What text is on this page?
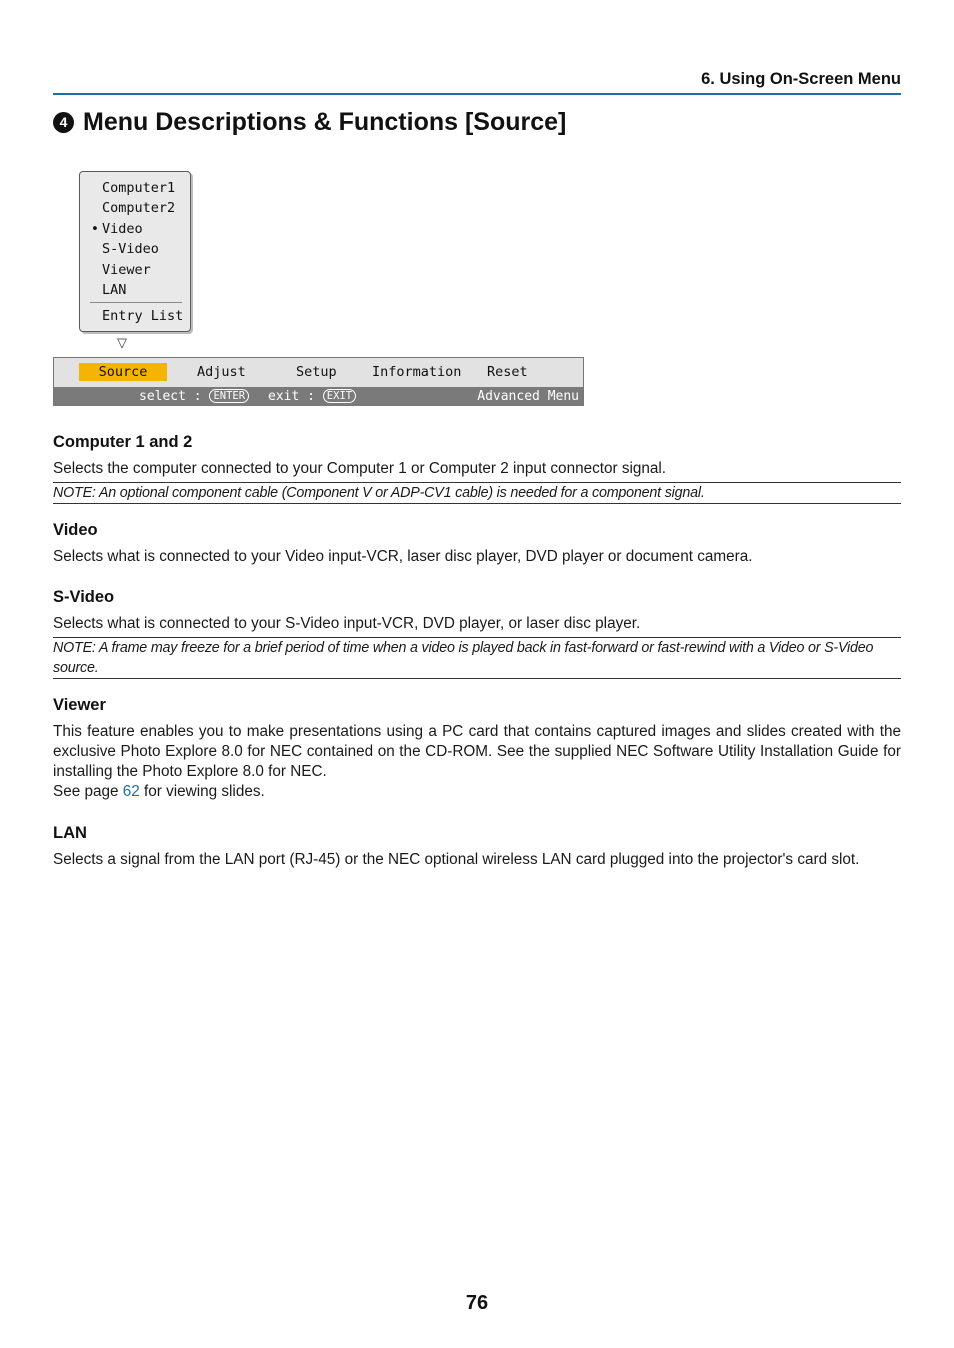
6. Using On-Screen Menu
4 Menu Descriptions & Functions [Source]
Computer1
Computer2
• Video
S-Video
Viewer
LAN
Entry List
▽
Source	Adjust	Setup	Information Reset
select : ENTER	exit : EXIT	Advanced Menu
Computer 1 and 2
Selects the computer connected to your Computer 1 or Computer 2 input connector signal.
NOTE: An optional component cable (Component V or ADP-CV1 cable) is needed for a component signal.
Video
Selects what is connected to your Video input-VCR, laser disc player, DVD player or document camera.
S-Video
Selects what is connected to your S-Video input-VCR, DVD player, or laser disc player.
NOTE: A frame may freeze for a brief period of time when a video is played back in fast-forward or fast-rewind with a Video or S-Video source.
Viewer
This feature enables you to make presentations using a PC card that contains captured images and slides created with the exclusive Photo Explore 8.0 for NEC contained on the CD-ROM. See the supplied NEC Software Utility Installation Guide for installing the Photo Explore 8.0 for NEC.
See page 62 for viewing slides.
LAN
Selects a signal from the LAN port (RJ-45) or the NEC optional wireless LAN card plugged into the projector's card slot.
76
